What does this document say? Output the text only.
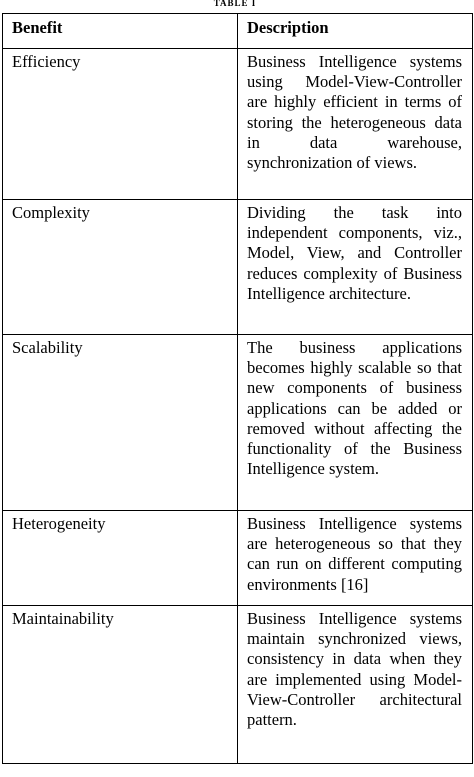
TABLE I
Benefit	Description
Efficiency	Business Intelligence systems using Model-View-Controller are highly efficient in terms of storing the heterogeneous data in data warehouse, synchronization of views.
Complexity	Dividing the task into independent components, viz., Model, View, and Controller reduces complexity of Business Intelligence architecture.
Scalability	The business applications becomes highly scalable so that new components of business applications can be added or removed without affecting the functionality of the Business Intelligence system.
Heterogeneity	Business Intelligence systems are heterogeneous so that they can run on different computing environments [16]
Maintainability	Business Intelligence systems maintain synchronized views, consistency in data when they are implemented using Model-View-Controller architectural pattern.
